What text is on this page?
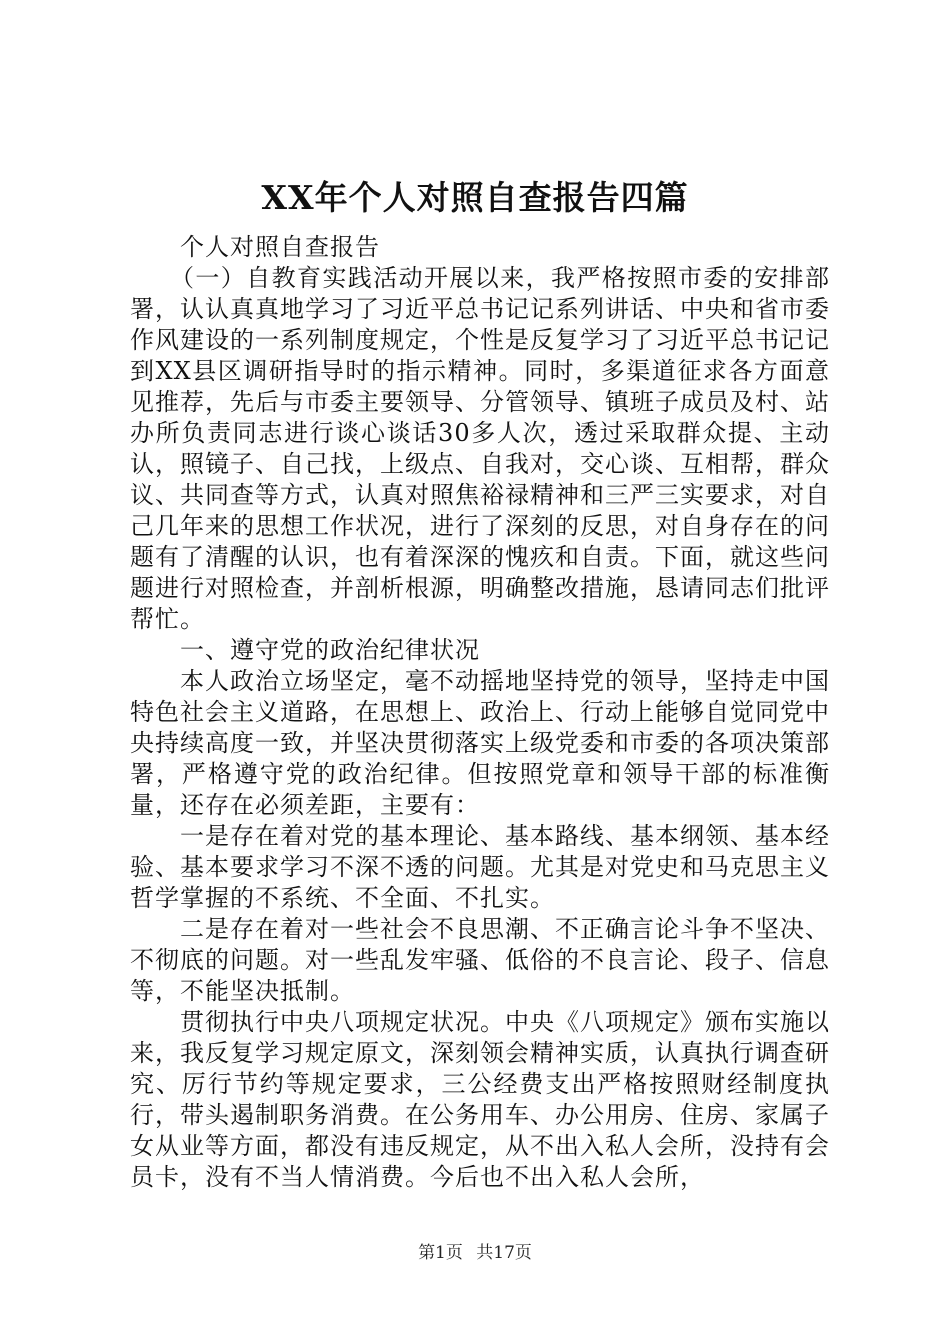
XX年个人对照自查报告四篇

个人对照自查报告

（一）自教育实践活动开展以来，我严格按照市委的安排部署，认认真真地学习了习近平总书记记系列讲话、中央和省市委作风建设的一系列制度规定，个性是反复学习了习近平总书记记到XX县区调研指导时的指示精神。同时，多渠道征求各方面意见推荐，先后与市委主要领导、分管领导、镇班子成员及村、站办所负责同志进行谈心谈话30多人次，透过采取群众提、主动认，照镜子、自己找，上级点、自我对，交心谈、互相帮，群众议、共同查等方式，认真对照焦裕禄精神和三严三实要求，对自己几年来的思想工作状况，进行了深刻的反思，对自身存在的问题有了清醒的认识，也有着深深的愧疚和自责。下面，就这些问题进行对照检查，并剖析根源，明确整改措施，恳请同志们批评帮忙。

一、遵守党的政治纪律状况

本人政治立场坚定，毫不动摇地坚持党的领导，坚持走中国特色社会主义道路，在思想上、政治上、行动上能够自觉同党中央持续高度一致，并坚决贯彻落实上级党委和市委的各项决策部署，严格遵守党的政治纪律。但按照党章和领导干部的标准衡量，还存在必须差距，主要有：

一是存在着对党的基本理论、基本路线、基本纲领、基本经验、基本要求学习不深不透的问题。尤其是对党史和马克思主义哲学掌握的不系统、不全面、不扎实。

二是存在着对一些社会不良思潮、不正确言论斗争不坚决、不彻底的问题。对一些乱发牢骚、低俗的不良言论、段子、信息等，不能坚决抵制。

贯彻执行中央八项规定状况。中央《八项规定》颁布实施以来，我反复学习规定原文，深刻领会精神实质，认真执行调查研究、厉行节约等规定要求，三公经费支出严格按照财经制度执行，带头遏制职务消费。在公务用车、办公用房、住房、家属子女从业等方面，都没有违反规定，从不出入私人会所，没持有会员卡，没有不当人情消费。今后也不出入私人会所，

第1页 共17页
